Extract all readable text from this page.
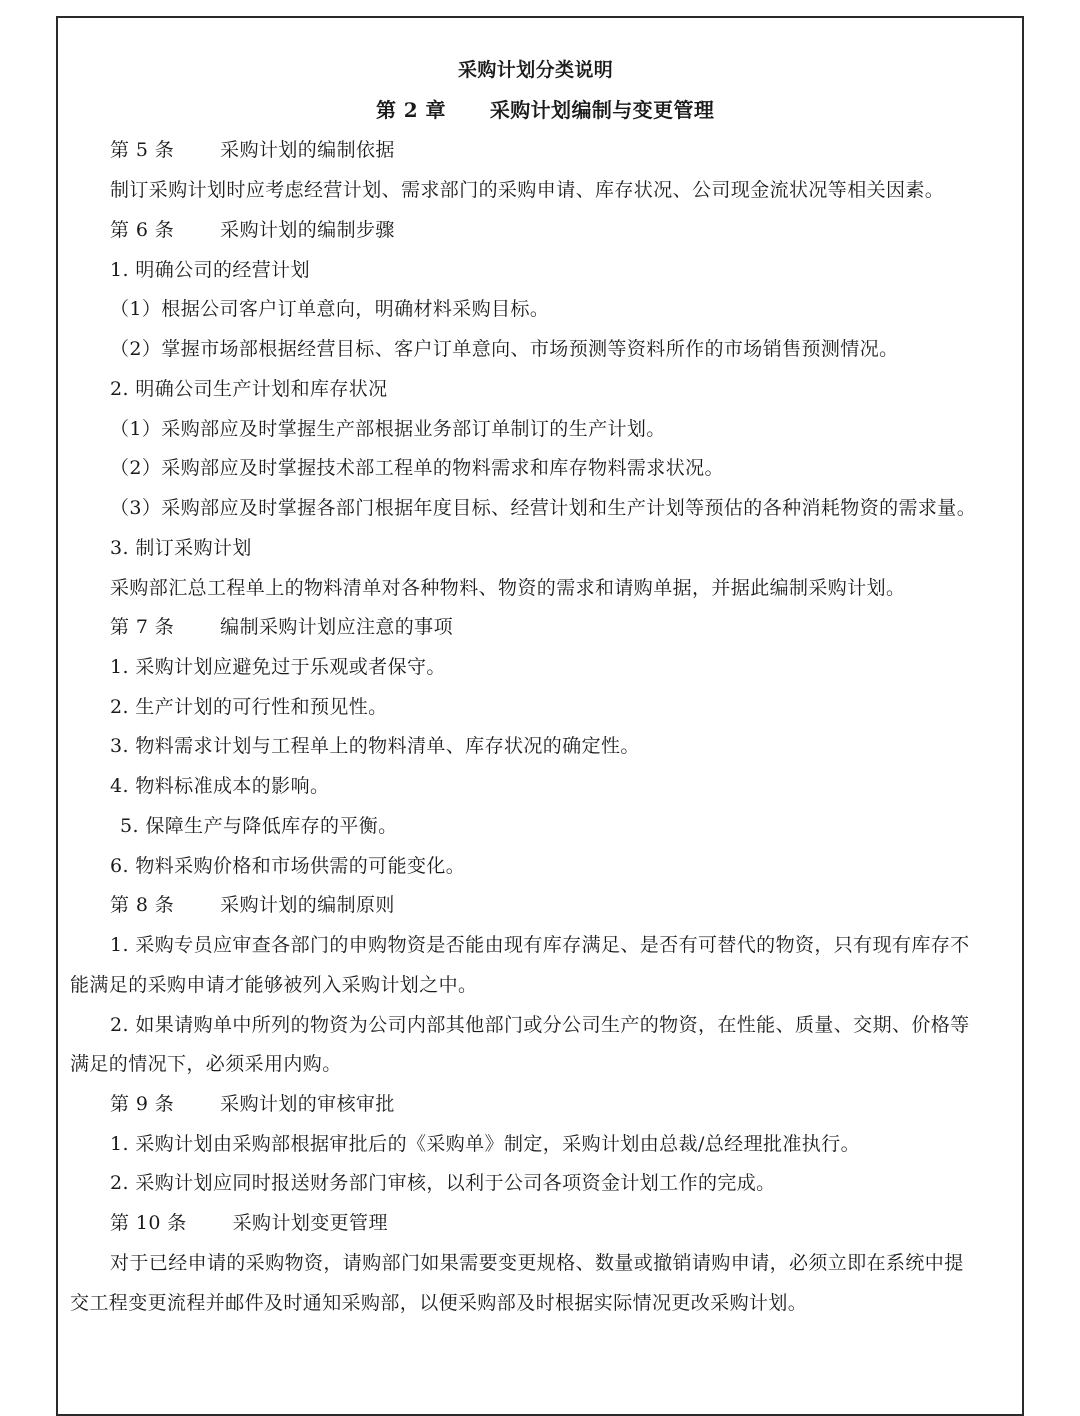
采购计划分类说明
第 2 章 采购计划编制与变更管理
第 5 条 采购计划的编制依据
制订采购计划时应考虑经营计划、需求部门的采购申请、库存状况、公司现金流状况等相关因素。
第 6 条 采购计划的编制步骤
1. 明确公司的经营计划
（1）根据公司客户订单意向，明确材料采购目标。
（2）掌握市场部根据经营目标、客户订单意向、市场预测等资料所作的市场销售预测情况。
2. 明确公司生产计划和库存状况
（1）采购部应及时掌握生产部根据业务部订单制订的生产计划。
（2）采购部应及时掌握技术部工程单的物料需求和库存物料需求状况。
（3）采购部应及时掌握各部门根据年度目标、经营计划和生产计划等预估的各种消耗物资的需求量。
3. 制订采购计划
采购部汇总工程单上的物料清单对各种物料、物资的需求和请购单据，并据此编制采购计划。
第 7 条 编制采购计划应注意的事项
1. 采购计划应避免过于乐观或者保守。
2. 生产计划的可行性和预见性。
3. 物料需求计划与工程单上的物料清单、库存状况的确定性。
4. 物料标准成本的影响。
5. 保障生产与降低库存的平衡。
6. 物料采购价格和市场供需的可能变化。
第 8 条 采购计划的编制原则
1. 采购专员应审查各部门的申购物资是否能由现有库存满足、是否有可替代的物资，只有现有库存不
能满足的采购申请才能够被列入采购计划之中。
2. 如果请购单中所列的物资为公司内部其他部门或分公司生产的物资，在性能、质量、交期、价格等
满足的情况下，必须采用内购。
第 9 条 采购计划的审核审批
1. 采购计划由采购部根据审批后的《采购单》制定，采购计划由总裁/总经理批准执行。
2. 采购计划应同时报送财务部门审核，以利于公司各项资金计划工作的完成。
第 10 条 采购计划变更管理
对于已经申请的采购物资，请购部门如果需要变更规格、数量或撤销请购申请，必须立即在系统中提
交工程变更流程并邮件及时通知采购部，以便采购部及时根据实际情况更改采购计划。
